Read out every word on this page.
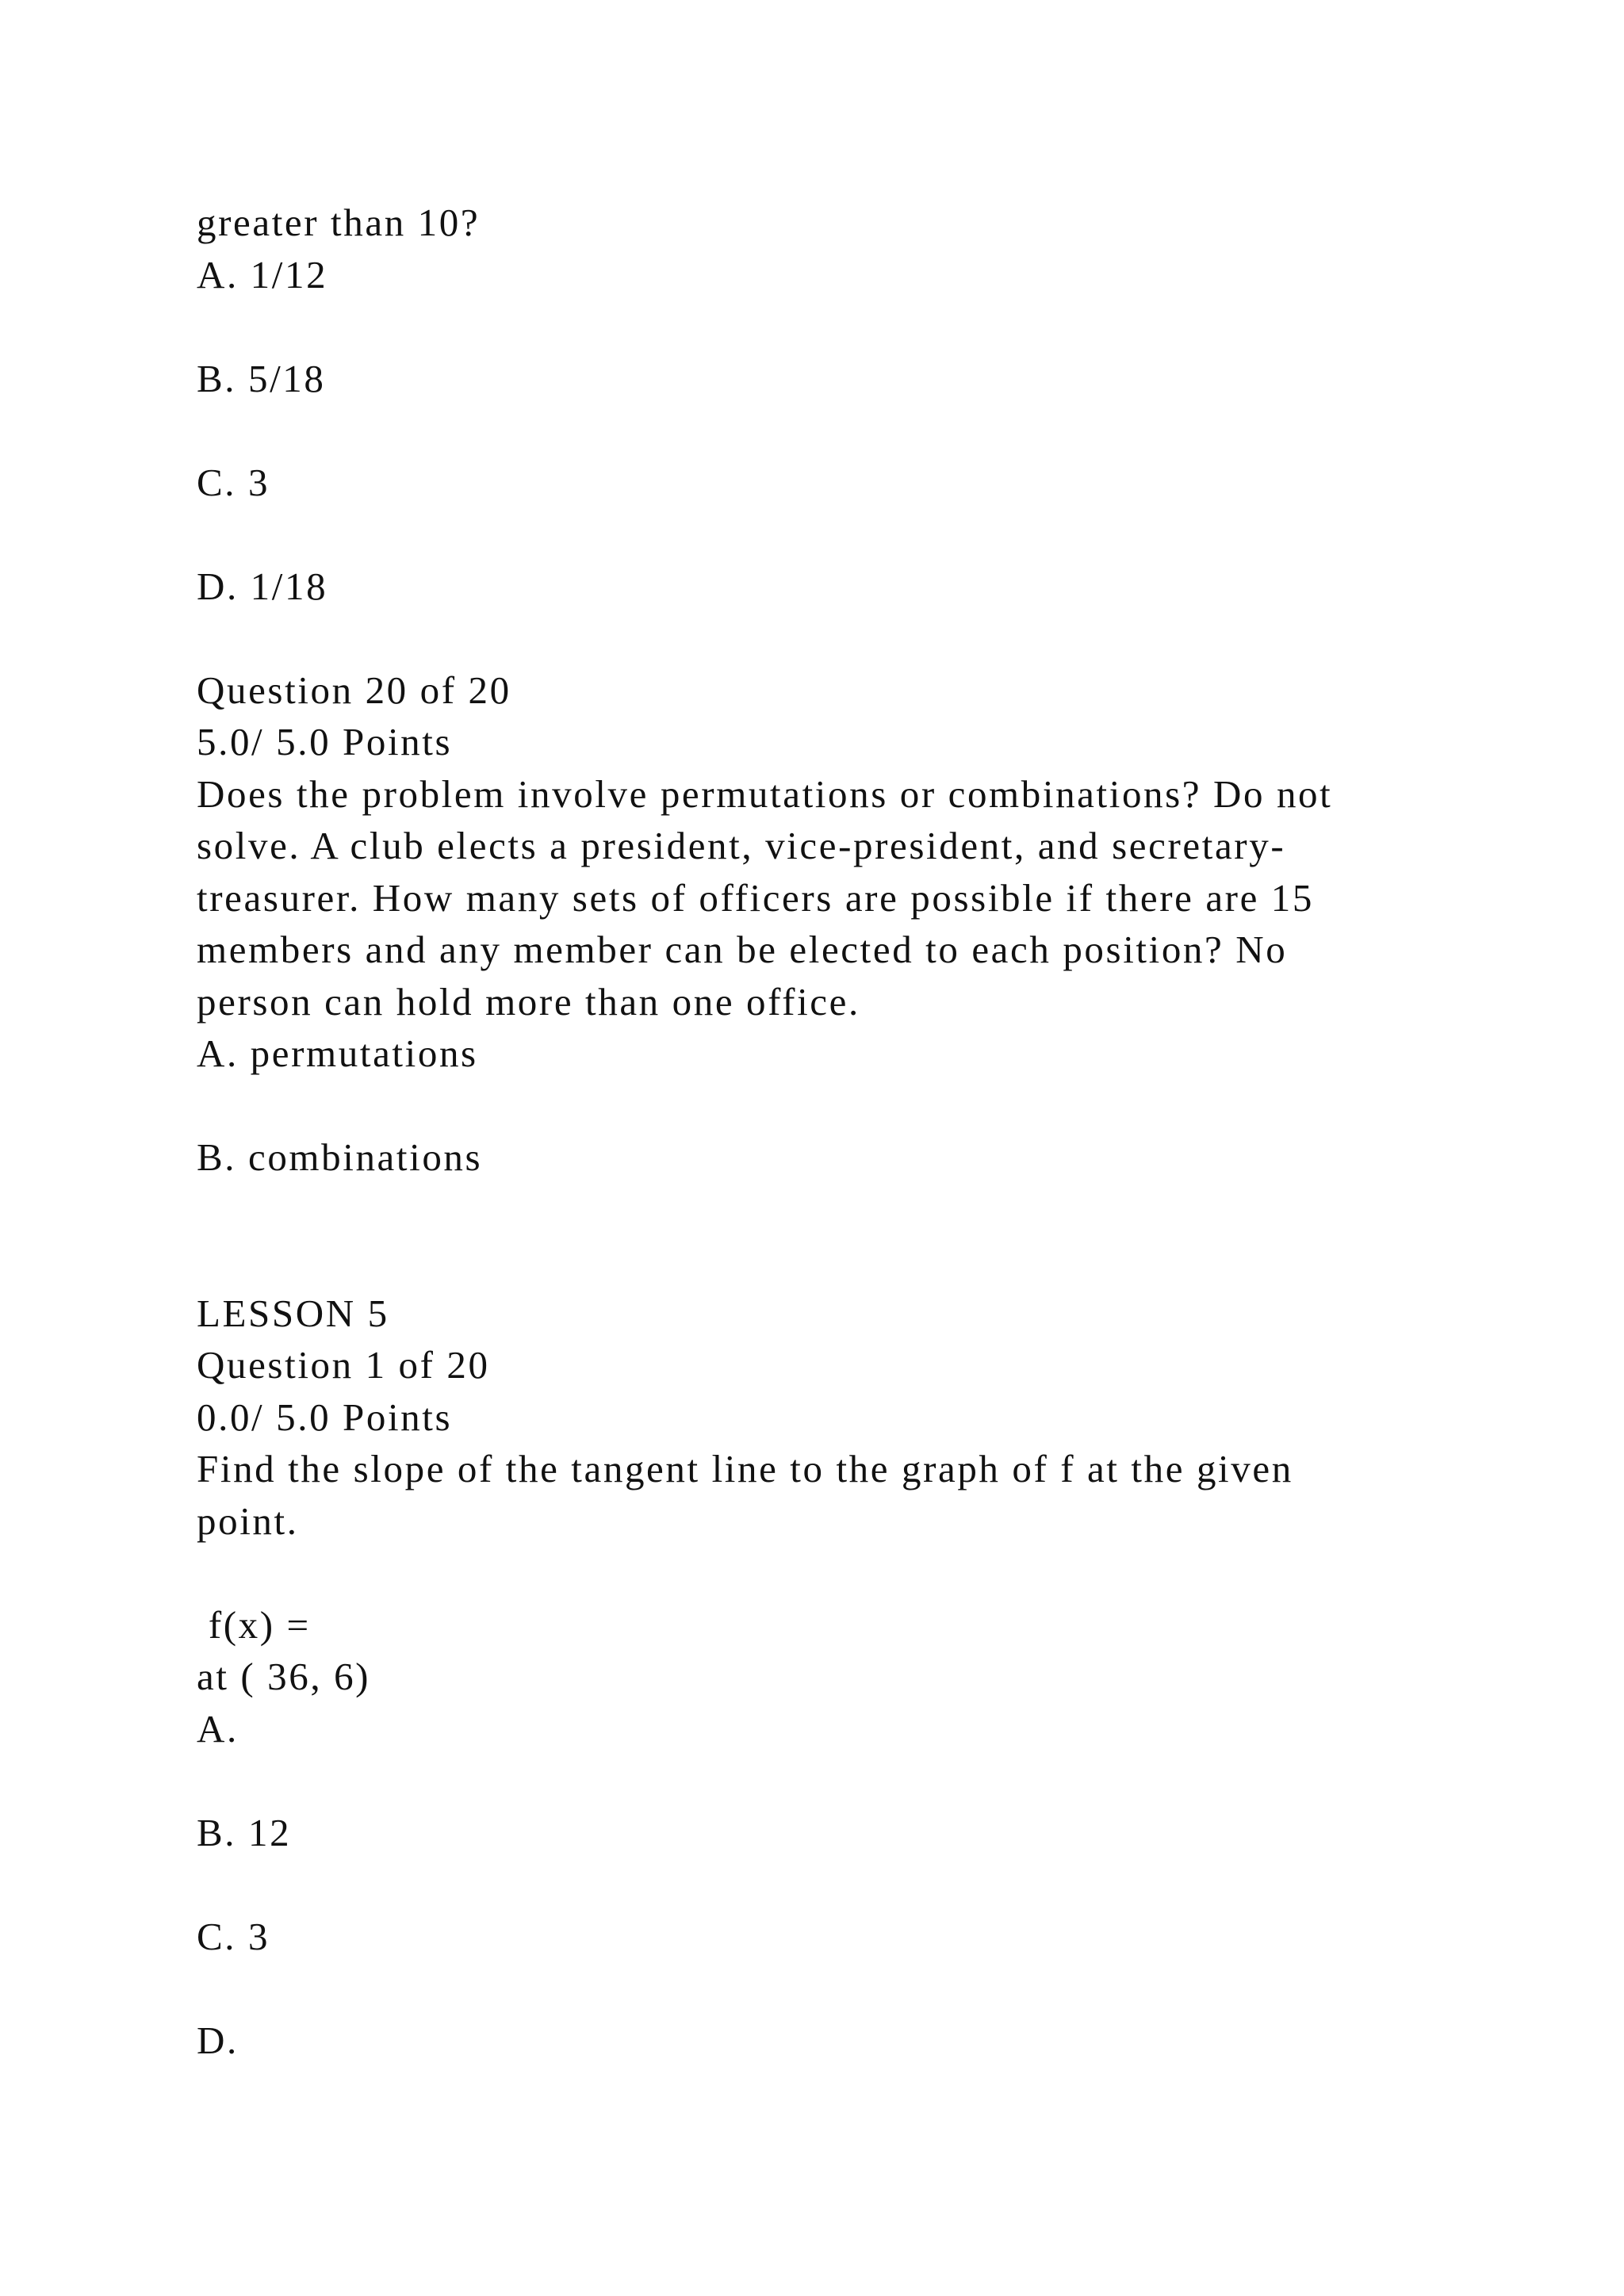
greater than 10?
A. 1/12
B. 5/18
C. 3
D. 1/18
Question 20 of 20
5.0/ 5.0 Points
Does the problem involve permutations or combinations? Do not
solve. A club elects a president, vice-president, and secretary-
treasurer. How many sets of officers are possible if there are 15
members and any member can be elected to each position? No
person can hold more than one office.
A. permutations
B. combinations
LESSON 5
Question 1 of 20
0.0/ 5.0 Points
Find the slope of the tangent line to the graph of f at the given
point.
f(x) =
at ( 36, 6)
A.
B. 12
C. 3
D.
